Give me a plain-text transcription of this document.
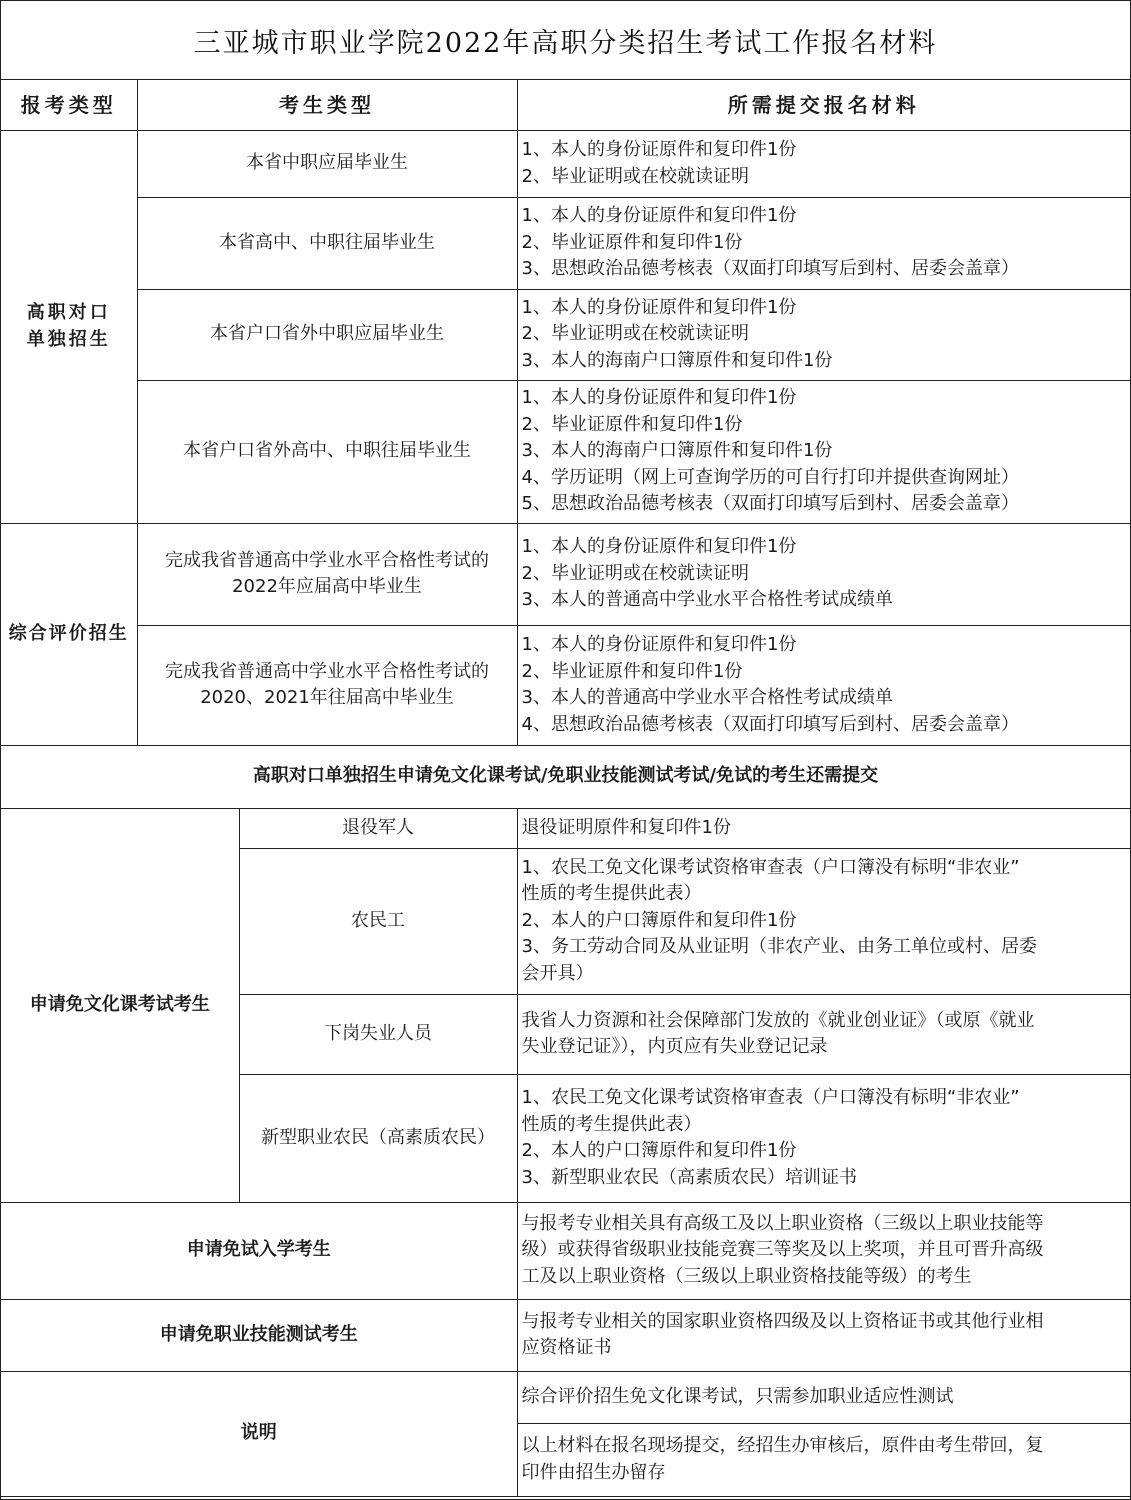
三亚城市职业学院2022年高职分类招生考试工作报名材料
报考类型	考生类型		所需提交报名材料

高职对口
单独招生	本省中职应届毕业生		1、本人的身份证原件和复印件1份
2、毕业证明或在校就读证明

	本省高中、中职往届毕业生		1、本人的身份证原件和复印件1份
2、毕业证原件和复印件1份
3、思想政治品德考核表（双面打印填写后到村、居委会盖章）

	本省户口省外中职应届毕业生		1、本人的身份证原件和复印件1份
2、毕业证明或在校就读证明
3、本人的海南户口簿原件和复印件1份

	本省户口省外高中、中职往届毕业生		1、本人的身份证原件和复印件1份
2、毕业证原件和复印件1份
3、本人的海南户口簿原件和复印件1份
4、学历证明（网上可查询学历的可自行打印并提供查询网址）
5、思想政治品德考核表（双面打印填写后到村、居委会盖章）

综合评价招生	完成我省普通高中学业水平合格性考试的
2022年应届高中毕业生		1、本人的身份证原件和复印件1份
2、毕业证明或在校就读证明
3、本人的普通高中学业水平合格性考试成绩单

	完成我省普通高中学业水平合格性考试的
2020、2021年往届高中毕业生		1、本人的身份证原件和复印件1份
2、毕业证原件和复印件1份
3、本人的普通高中学业水平合格性考试成绩单
4、思想政治品德考核表（双面打印填写后到村、居委会盖章）

高职对口单独招生申请免文化课考试/免职业技能测试考试/免试的考生还需提交			
申请免文化课考试考生		退役军人	退役证明原件和复印件1份

		农民工	1、农民工免文化课考试资格审查表（户口簿没有标明“非农业”
性质的考生提供此表）
2、本人的户口簿原件和复印件1份
3、务工劳动合同及从业证明（非农产业、由务工单位或村、居委
会开具）

		下岗失业人员	我省人力资源和社会保障部门发放的《就业创业证》（或原《就业
失业登记证》），内页应有失业登记记录

		新型职业农民（高素质农民）	1、农民工免文化课考试资格审查表（户口簿没有标明“非农业”
性质的考生提供此表）
2、本人的户口簿原件和复印件1份
3、新型职业农民（高素质农民）培训证书

申请免试入学考生			与报考专业相关具有高级工及以上职业资格（三级以上职业技能等
级）或获得省级职业技能竞赛三等奖及以上奖项，并且可晋升高级
工及以上职业资格（三级以上职业资格技能等级）的考生

申请免职业技能测试考生			与报考专业相关的国家职业资格四级及以上资格证书或其他行业相
应资格证书

说明			综合评价招生免文化课考试，只需参加职业适应性测试

			以上材料在报名现场提交，经招生办审核后，原件由考生带回，复
印件由招生办留存
